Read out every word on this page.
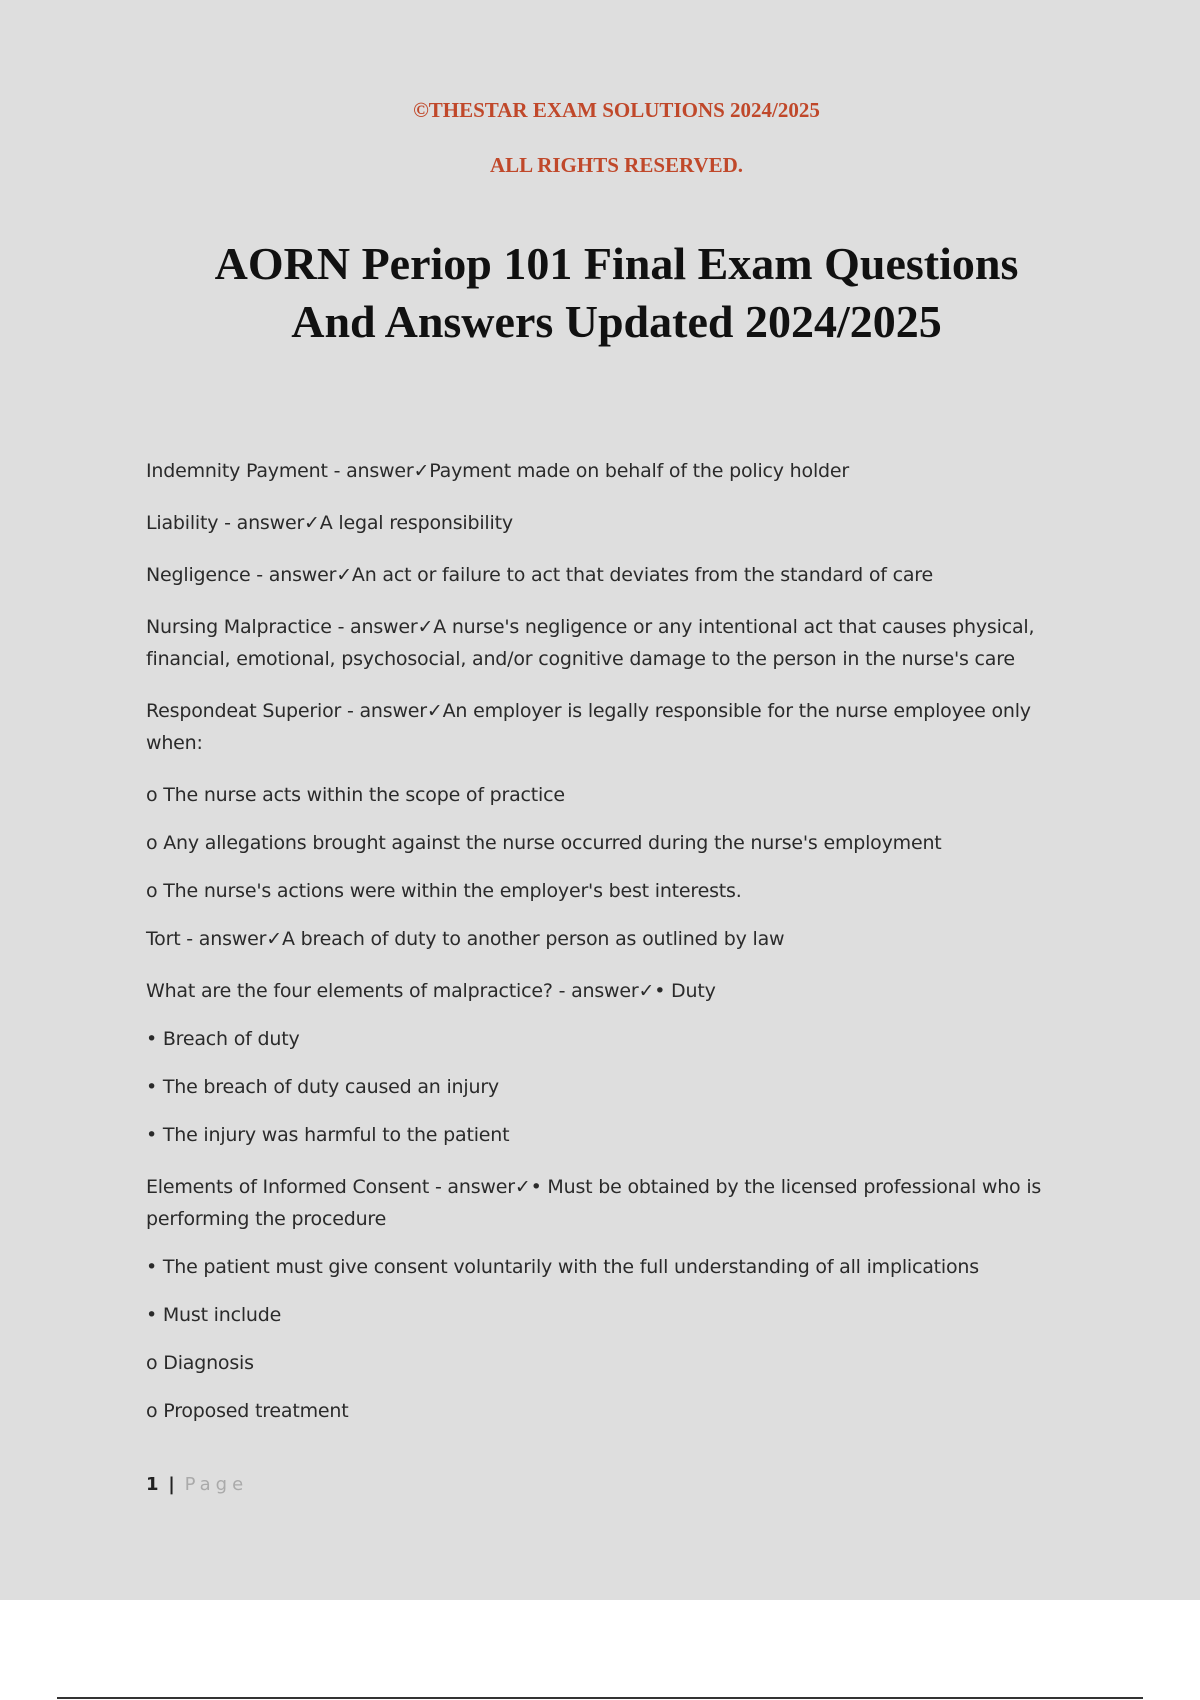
©THESTAR EXAM SOLUTIONS 2024/2025
ALL RIGHTS RESERVED.
AORN Periop 101 Final Exam Questions
And Answers Updated 2024/2025

Indemnity Payment - answer✓Payment made on behalf of the policy holder

Liability - answer✓A legal responsibility

Negligence - answer✓An act or failure to act that deviates from the standard of care

Nursing Malpractice - answer✓A nurse's negligence or any intentional act that causes physical, financial, emotional, psychosocial, and/or cognitive damage to the person in the nurse's care

Respondeat Superior - answer✓An employer is legally responsible for the nurse employee only when:

o The nurse acts within the scope of practice

o Any allegations brought against the nurse occurred during the nurse's employment

o The nurse's actions were within the employer's best interests.

Tort - answer✓A breach of duty to another person as outlined by law

What are the four elements of malpractice? - answer✓• Duty

• Breach of duty

• The breach of duty caused an injury

• The injury was harmful to the patient

Elements of Informed Consent - answer✓• Must be obtained by the licensed professional who is performing the procedure

• The patient must give consent voluntarily with the full understanding of all implications

• Must include

o Diagnosis

o Proposed treatment

1 | Page
